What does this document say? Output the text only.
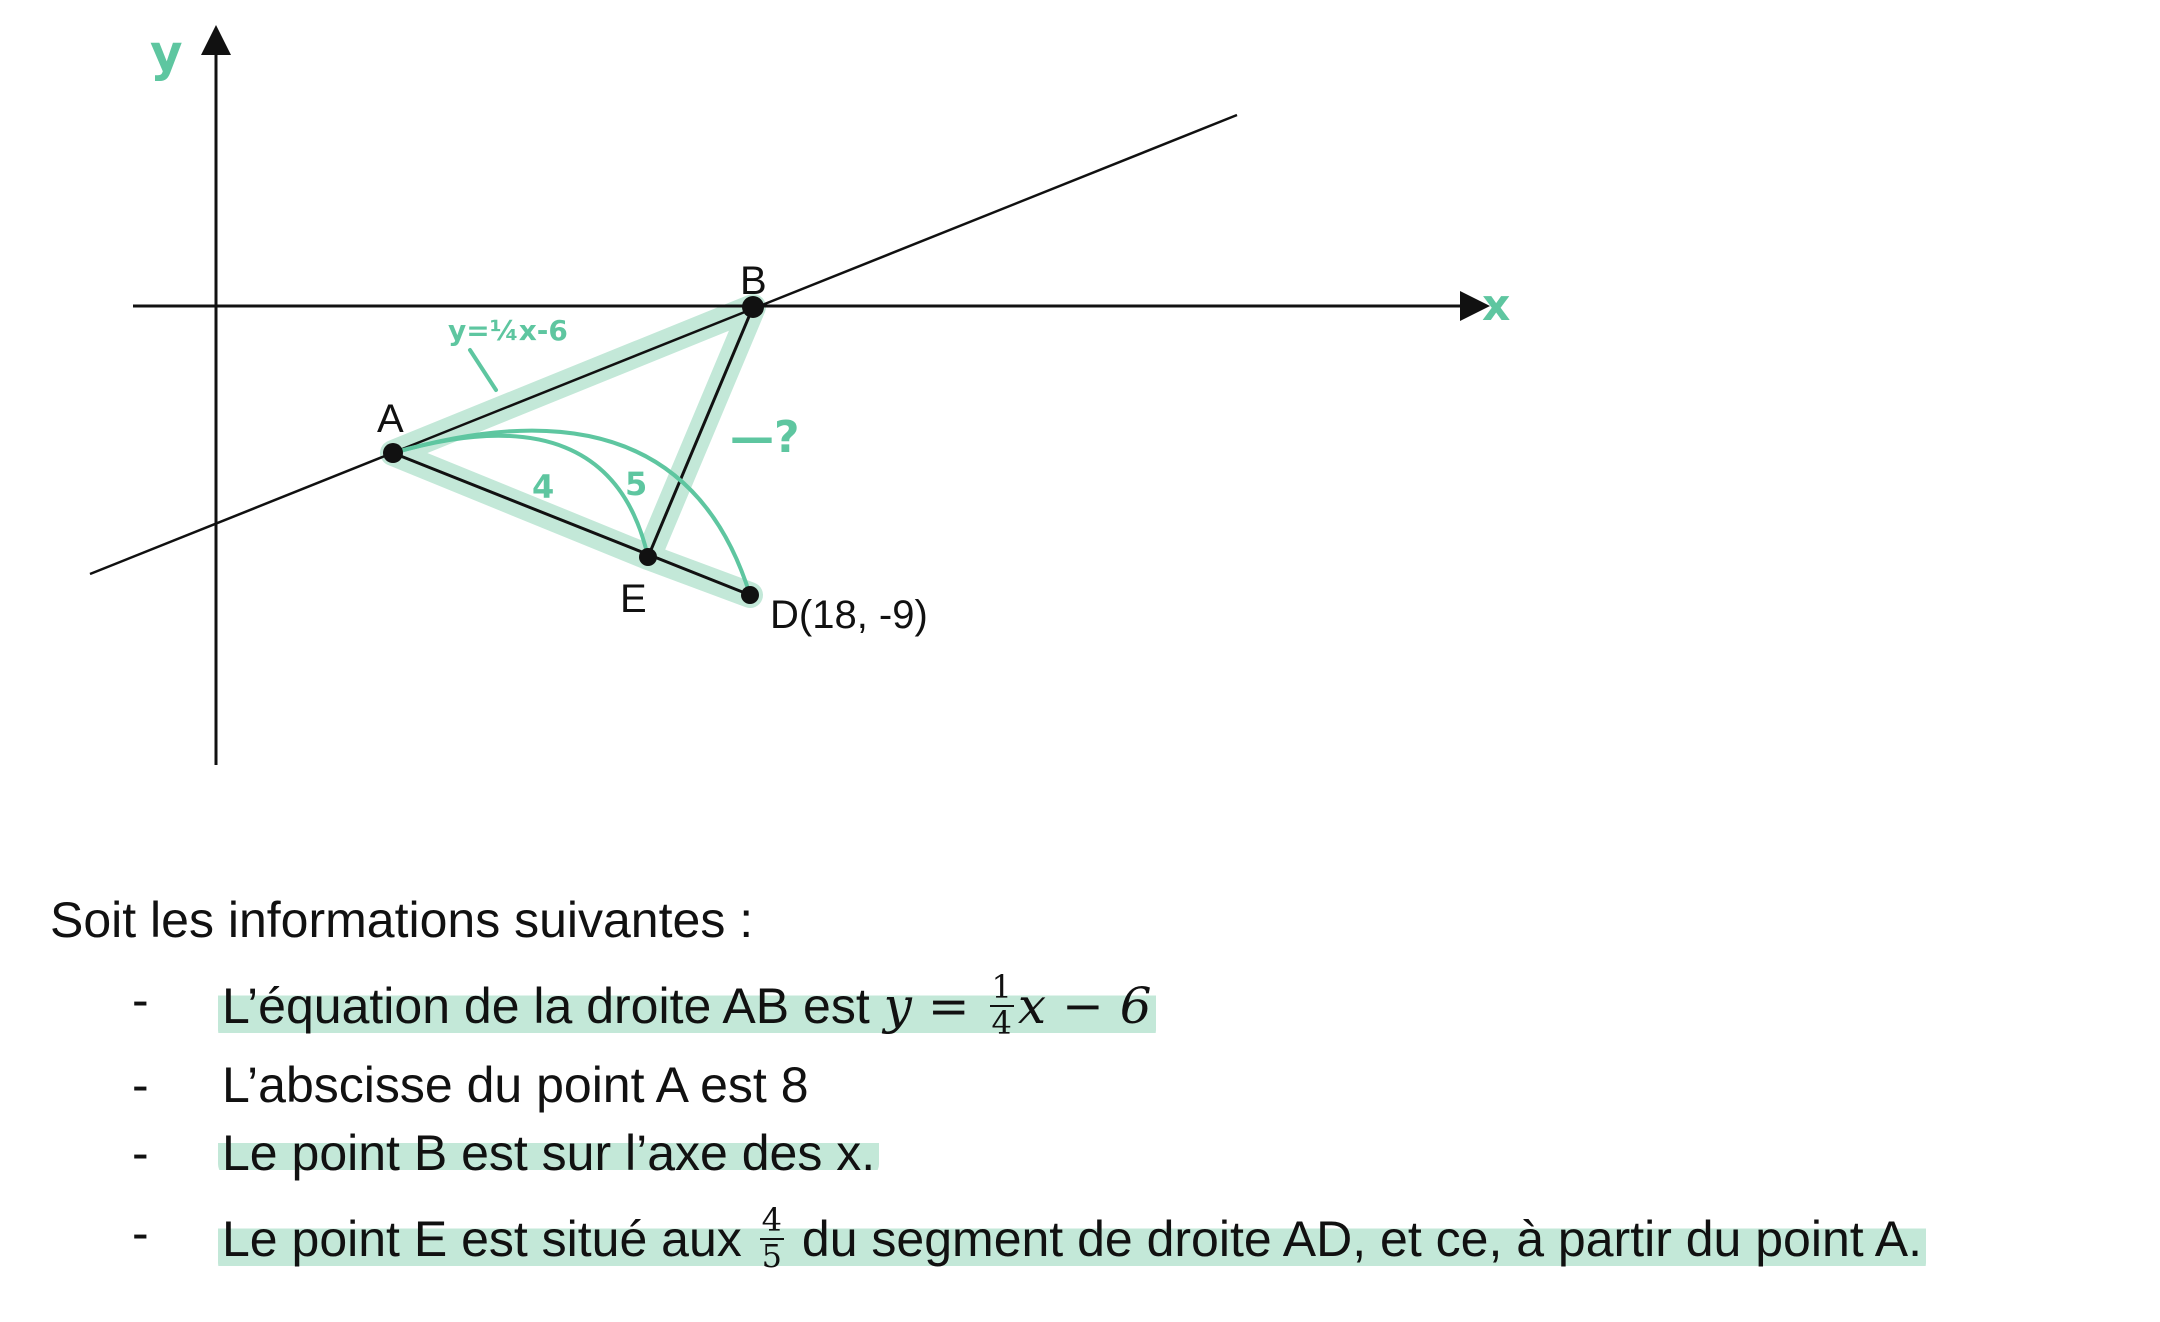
A
B
E	D(18, -9)
y
x
y=¼x-6
4 5
—?
Soit les informations suivantes :
- L’équation de la droite AB est $y = \frac{1}{4}$ x − 6
- L’abscisse du point A est 8
- Le point B est sur l’axe des x.
- Le point E est situé aux $\frac{4}{5}$ du segment de droite AD, et ce, à partir du point A.
